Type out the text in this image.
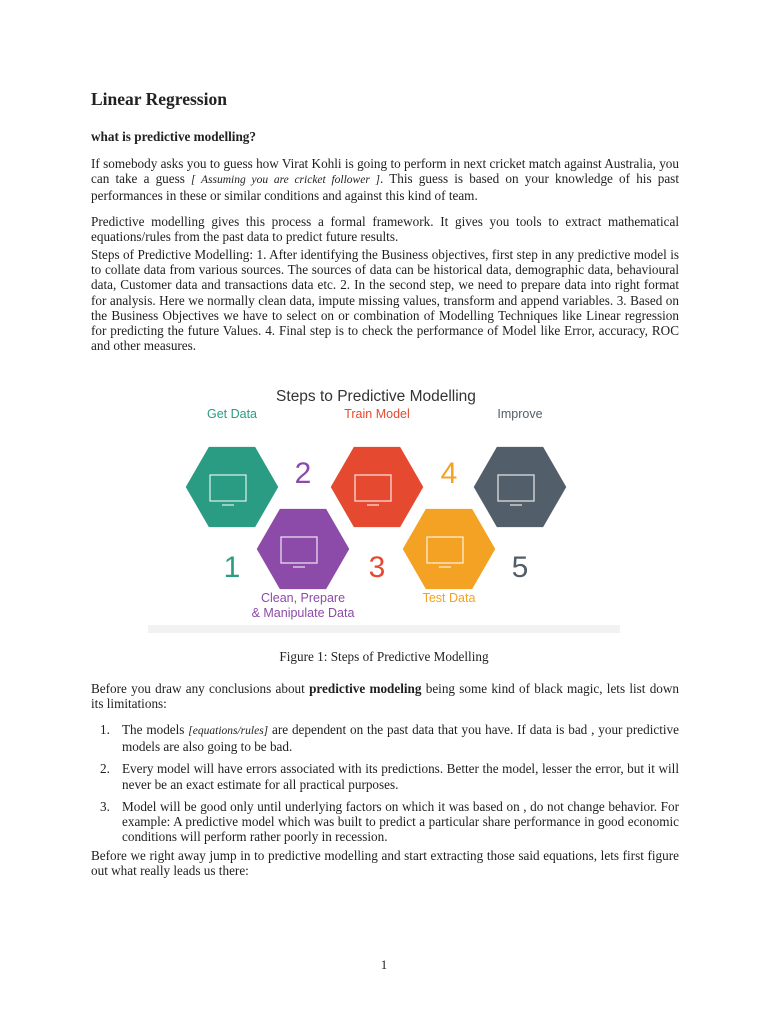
Linear Regression
what is predictive modelling?
If somebody asks you to guess how Virat Kohli is going to perform in next cricket match against Australia, you can take a guess [ Assuming you are cricket follower ]. This guess is based on your knowledge of his past performances in these or similar conditions and against this kind of team.
Predictive modelling gives this process a formal framework. It gives you tools to extract mathematical equations/rules from the past data to predict future results.
Steps of Predictive Modelling: 1. After identifying the Business objectives, first step in any predictive model is to collate data from various sources. The sources of data can be historical data, demographic data, behavioural data, Customer data and transactions data etc. 2. In the second step, we need to prepare data into right format for analysis. Here we normally clean data, impute missing values, transform and append variables. 3. Based on the Business Objectives we have to select on or combination of Modelling Techniques like Linear regression for predicting the future Values. 4. Final step is to check the performance of Model like Error, accuracy, ROC and other measures.
Steps to Predictive Modelling
Get Data
1
Clean, Prepare
& Manipulate Data
2
Train Model
3
Test Data
4
Improve
5
Figure 1: Steps of Predictive Modelling
Before you draw any conclusions about predictive modeling being some kind of black magic, lets list down its limitations:
1. The models [equations/rules] are dependent on the past data that you have. If data is bad , your predictive models are also going to be bad.
2. Every model will have errors associated with its predictions. Better the model, lesser the error, but it will never be an exact estimate for all practical purposes.
3. Model will be good only until underlying factors on which it was based on , do not change behavior. For example: A predictive model which was built to predict a particular share performance in good economic conditions will perform rather poorly in recession.
Before we right away jump in to predictive modelling and start extracting those said equations, lets first figure out what really leads us there:
1
